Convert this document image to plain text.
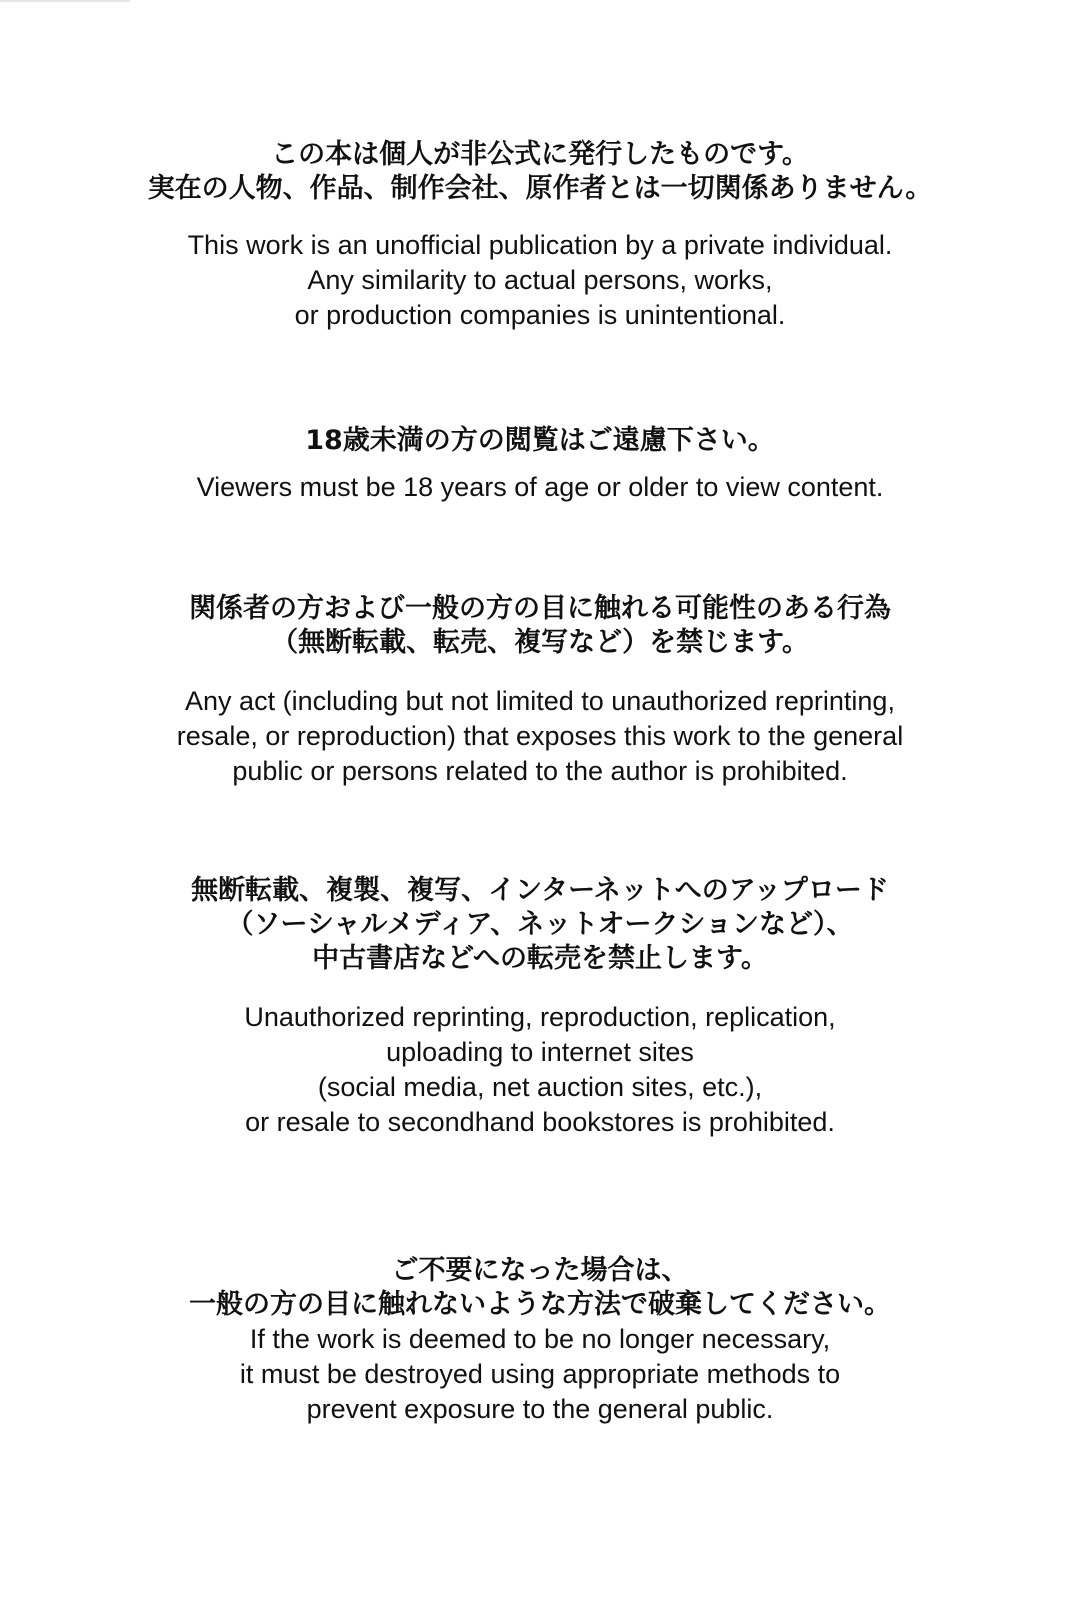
この本は個人が非公式に発行したものです。
実在の人物、作品、制作会社、原作者とは一切関係ありません。
This work is an unofficial publication by a private individual.
Any similarity to actual persons, works,
or production companies is unintentional.
18歳未満の方の閲覧はご遠慮下さい。
Viewers must be 18 years of age or older to view content.
関係者の方および一般の方の目に触れる可能性のある行為
（無断転載、転売、複写など）を禁じます。
Any act (including but not limited to unauthorized reprinting,
resale, or reproduction) that exposes this work to the general
public or persons related to the author is prohibited.
無断転載、複製、複写、インターネットへのアップロード
（ソーシャルメディア、ネットオークションなど）、
中古書店などへの転売を禁止します。
Unauthorized reprinting, reproduction, replication,
uploading to internet sites
(social media, net auction sites, etc.),
or resale to secondhand bookstores is prohibited.
ご不要になった場合は、
一般の方の目に触れないような方法で破棄してください。
If the work is deemed to be no longer necessary,
it must be destroyed using appropriate methods to
prevent exposure to the general public.
